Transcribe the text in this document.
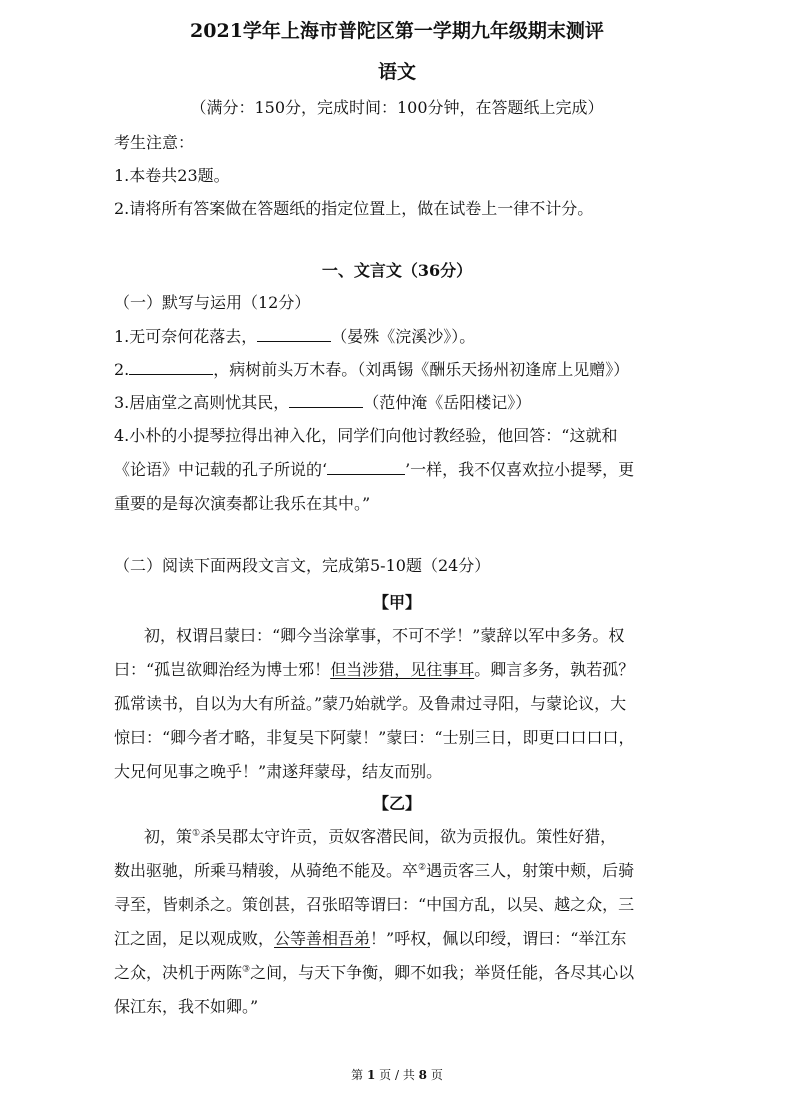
2021学年上海市普陀区第一学期九年级期末测评
语文
（满分：150分，完成时间：100分钟，在答题纸上完成）
考生注意：
1.本卷共23题。
2.请将所有答案做在答题纸的指定位置上，做在试卷上一律不计分。
一、文言文（36分）
（一）默写与运用（12分）
1.无可奈何花落去，	（晏殊《浣溪沙》）。
2.	，病树前头万木春。（刘禹锡《酬乐天扬州初逢席上见赠》）
3.居庙堂之高则忧其民，	（范仲淹《岳阳楼记》）
4.小朴的小提琴拉得出神入化，同学们向他讨教经验，他回答：“这就和
《论语》中记载的孔子所说的‘	’一样，我不仅喜欢拉小提琴，更
重要的是每次演奏都让我乐在其中。”
（二）阅读下面两段文言文，完成第5-10题（24分）
【甲】
初，权谓吕蒙曰：“卿今当涂掌事，不可不学！”蒙辞以军中多务。权
曰：“孤岂欲卿治经为博士邪！但当涉猎，见往事耳。卿言多务，孰若孤？
孤常读书，自以为大有所益。”蒙乃始就学。及鲁肃过寻阳，与蒙论议，大
惊曰：“卿今者才略，非复吴下阿蒙！”蒙曰：“士别三日，即更口口口口，
大兄何见事之晚乎！”肃遂拜蒙母，结友而别。
【乙】
初，策①杀吴郡太守许贡，贡奴客潜民间，欲为贡报仇。策性好猎，
数出驱驰，所乘马精骏，从骑绝不能及。卒②遇贡客三人，射策中颊，后骑
寻至，皆刺杀之。策创甚，召张昭等谓曰：“中国方乱，以吴、越之众，三
江之固，足以观成败，公等善相吾弟！”呼权，佩以印绶，谓曰：“举江东
之众，决机于两陈③之间，与天下争衡，卿不如我；举贤任能，各尽其心以
保江东，我不如卿。”
第 1 页 / 共 8 页
